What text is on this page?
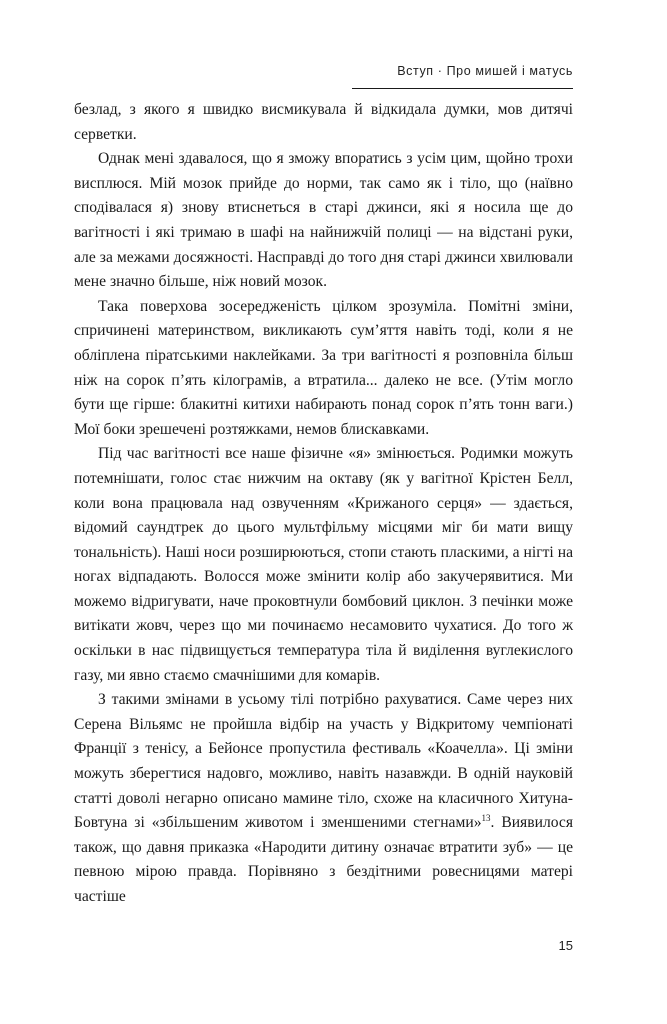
Вступ · Про мишей і матусь

безлад, з якого я швидко висмикувала й відкидала думки, мов дитячі серветки.

Однак мені здавалося, що я зможу впоратись з усім цим, щойно трохи висплюся. Мій мозок прийде до норми, так само як і тіло, що (наївно сподівалася я) знову втиснеться в старі джинси, які я носила ще до вагітності і які тримаю в шафі на найнижчій полиці — на відстані руки, але за межами досяжності. Насправді до того дня старі джинси хвилювали мене значно більше, ніж новий мозок.

Така поверхова зосередженість цілком зрозуміла. Помітні зміни, спричинені материнством, викликають сум’яття навіть тоді, коли я не обліплена піратськими наклейками. За три вагітності я розповніла більш ніж на сорок п’ять кілограмів, а втратила... далеко не все. (Утім могло бути ще гірше: блакитні китихи набирають понад сорок п’ять тонн ваги.) Мої боки зрешечені розтяжками, немов блискавками.

Під час вагітності все наше фізичне «я» змінюється. Родимки можуть потемнішати, голос стає нижчим на октаву (як у вагітної Крістен Белл, коли вона працювала над озвученням «Крижаного серця» — здається, відомий саундтрек до цього мультфільму місцями міг би мати вищу тональність). Наші носи розширюються, стопи стають пласкими, а нігті на ногах відпадають. Волосся може змінити колір або закучерявитися. Ми можемо відригувати, наче проковтнули бомбовий циклон. З печінки може витікати жовч, через що ми починаємо несамовито чухатися. До того ж оскільки в нас підвищується температура тіла й виділення вуглекислого газу, ми явно стаємо смачнішими для комарів.

З такими змінами в усьому тілі потрібно рахуватися. Саме через них Серена Вільямс не пройшла відбір на участь у Відкритому чемпіонаті Франції з тенісу, а Бейонсе пропустила фестиваль «Коачелла». Ці зміни можуть зберегтися надовго, можливо, навіть назавжди. В одній науковій статті доволі негарно описано мамине тіло, схоже на класичного Хитуна-Бовтуна зі «збільшеним животом і зменшеними стегнами»$^{13}$. Виявилося також, що давня приказка «Народити дитину означає втратити зуб» — це певною мірою правда. Порівняно з бездітними ровесницями матері частіше

15
